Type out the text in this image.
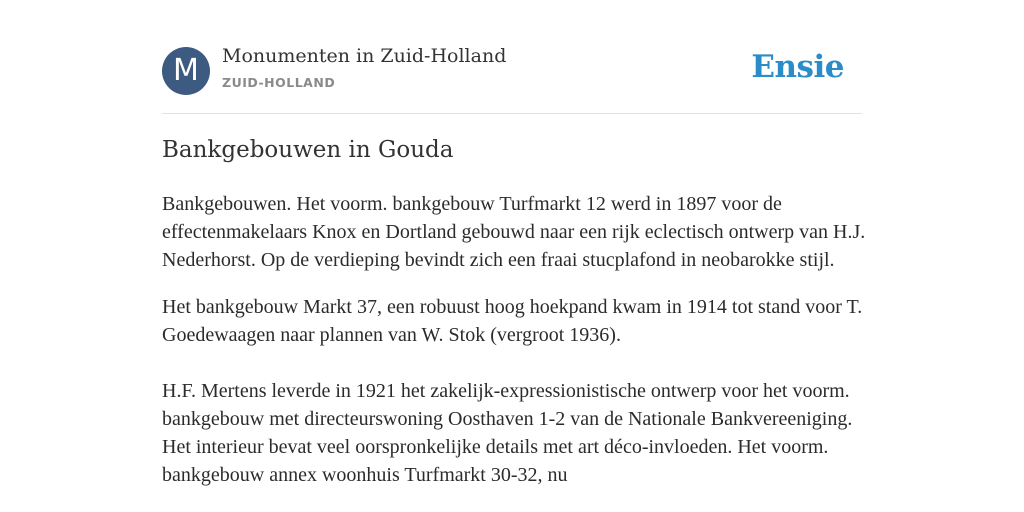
M	Monumenten in Zuid-Holland
ZUID-HOLLAND	Ensie
Bankgebouwen in Gouda

Bankgebouwen. Het voorm. bankgebouw Turfmarkt 12 werd in 1897 voor de effectenmakelaars Knox en Dortland gebouwd naar een rijk eclectisch ontwerp van H.J. Nederhorst. Op de verdieping bevindt zich een fraai stucplafond in neobarokke stijl.

Het bankgebouw Markt 37, een robuust hoog hoekpand kwam in 1914 tot stand voor T. Goedewaagen naar plannen van W. Stok (vergroot 1936).

H.F. Mertens leverde in 1921 het zakelijk-expressionistische ontwerp voor het voorm. bankgebouw met directeurswoning Oosthaven 1-2 van de Nationale Bankvereeniging. Het interieur bevat veel oorspronkelijke details met art déco-invloeden. Het voorm. bankgebouw annex woonhuis Turfmarkt 30-32, nu
